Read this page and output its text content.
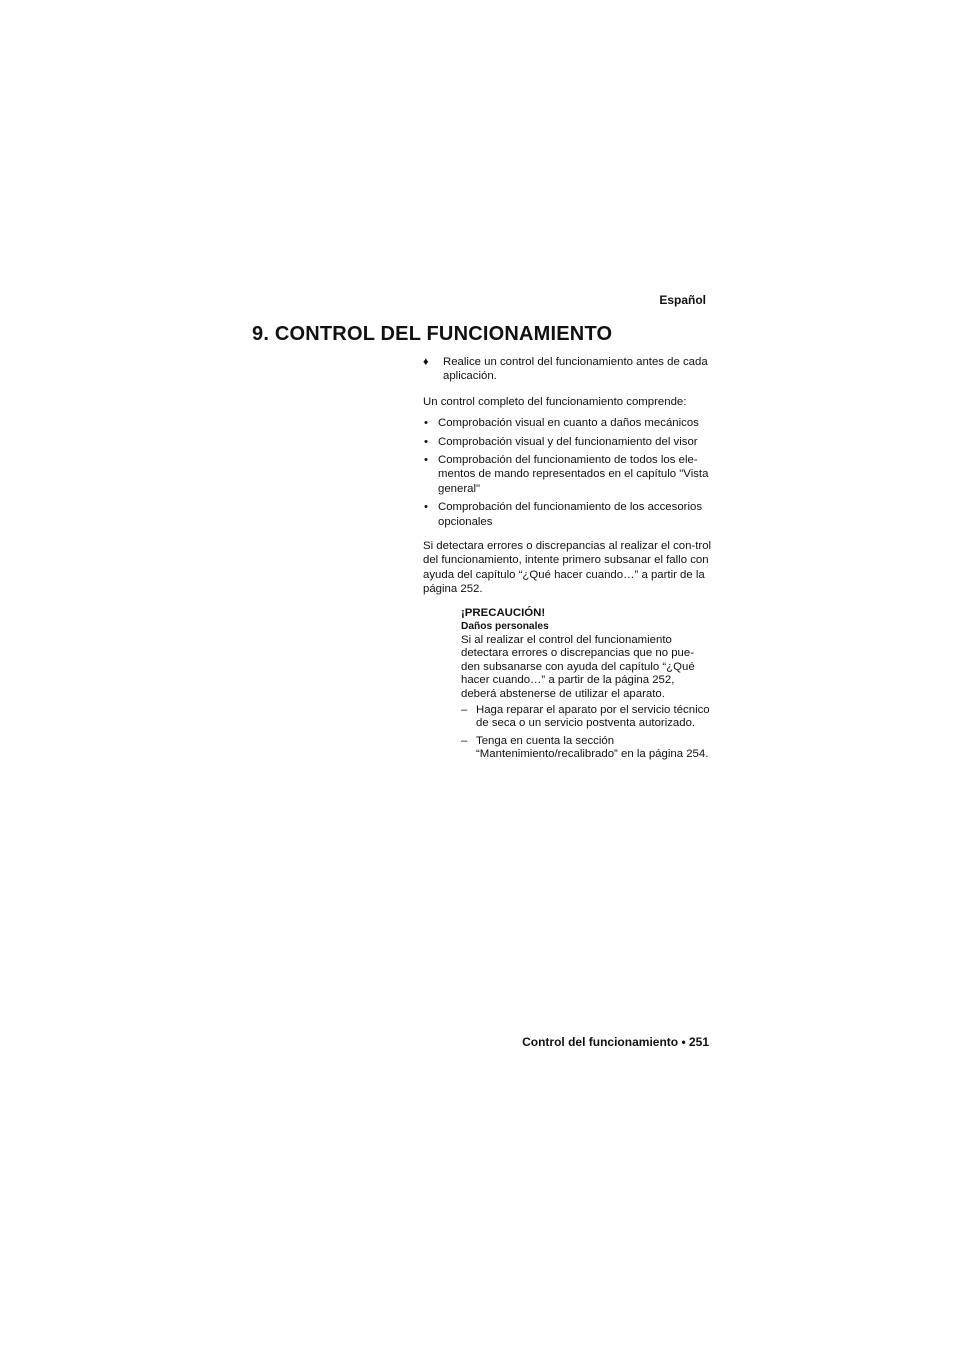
Español
9. CONTROL DEL FUNCIONAMIENTO
♦ Realice un control del funcionamiento antes de cada aplicación.

Un control completo del funcionamiento comprende:

• Comprobación visual en cuanto a daños mecánicos
• Comprobación visual y del funcionamiento del visor
• Comprobación del funcionamiento de todos los ele-mentos de mando representados en el capítulo "Vista general"
• Comprobación del funcionamiento de los accesorios opcionales

Si detectara errores o discrepancias al realizar el con-trol del funcionamiento, intente primero subsanar el fallo con ayuda del capítulo “¿Qué hacer cuando…” a partir de la página 252.

¡PRECAUCIÓN!
Daños personales

Si al realizar el control del funcionamiento detectara errores o discrepancias que no pue-den subsanarse con ayuda del capítulo “¿Qué hacer cuando…” a partir de la página 252, deberá abstenerse de utilizar el aparato.

– Haga reparar el aparato por el servicio técnico de seca o un servicio postventa autorizado.
– Tenga en cuenta la sección “Mantenimiento/recalibrado” en la página 254.
Control del funcionamiento • 251
